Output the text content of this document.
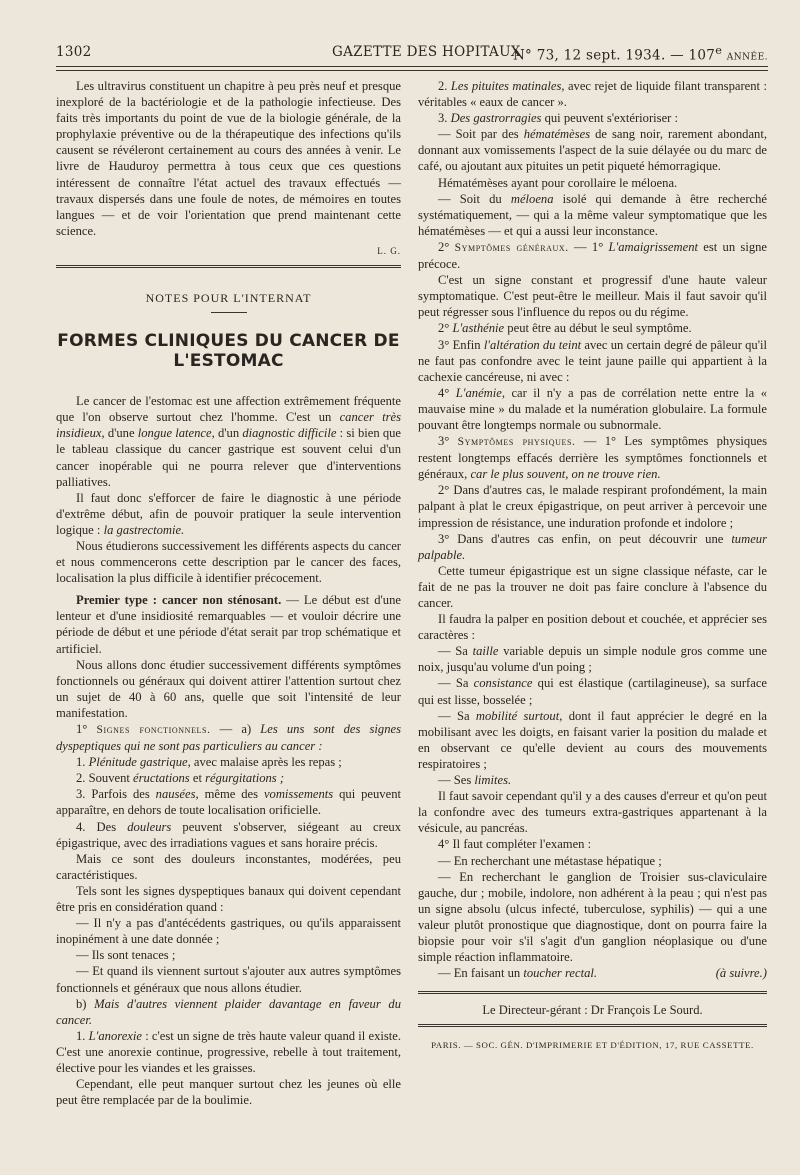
1302	GAZETTE DES HOPITAUX
N° 73, 12 sept. 1934. — 107e ANNÉE.

Les ultravirus constituent un chapitre à peu près neuf et presque inexploré de la bactériologie et de la pathologie infectieuse. Des faits très importants du point de vue de la biologie générale, de la prophylaxie préventive ou de la thérapeutique des infections qu'ils causent se révéleront certainement au cours des années à venir. Le livre de Hauduroy permettra à tous ceux que ces questions intéressent de connaître l'état actuel des travaux effectués — travaux dispersés dans une foule de notes, de mémoires en toutes langues — et de voir l'orientation que prend maintenant cette science.

L. G.

NOTES POUR L'INTERNAT

FORMES CLINIQUES DU CANCER DE L'ESTOMAC

Le cancer de l'estomac est une affection extrêmement fréquente que l'on observe surtout chez l'homme. C'est un cancer très insidieux, d'une longue latence, d'un diagnostic difficile : si bien que le tableau classique du cancer gastrique est souvent celui d'un cancer inopérable qui ne pourra relever que d'interventions palliatives.

Il faut donc s'efforcer de faire le diagnostic à une période d'extrême début, afin de pouvoir pratiquer la seule intervention logique : la gastrectomie.

Nous étudierons successivement les différents aspects du cancer et nous commencerons cette description par le cancer des faces, localisation la plus difficile à identifier précocement.

Premier type : cancer non sténosant. — Le début est d'une lenteur et d'une insidiosité remarquables — et vouloir décrire une période de début et une période d'état serait par trop schématique et artificiel.

Nous allons donc étudier successivement différents symptômes fonctionnels ou généraux qui doivent attirer l'attention surtout chez un sujet de 40 à 60 ans, quelle que soit l'intensité de leur manifestation.

1° Signes fonctionnels. — a) Les uns sont des signes dyspeptiques qui ne sont pas particuliers au cancer :

1. Plénitude gastrique, avec malaise après les repas ;

2. Souvent éructations et régurgitations ;

3. Parfois des nausées, même des vomissements qui peuvent apparaître, en dehors de toute localisation orificielle.

4. Des douleurs peuvent s'observer, siégeant au creux épigastrique, avec des irradiations vagues et sans horaire précis.

Mais ce sont des douleurs inconstantes, modérées, peu caractéristiques.

Tels sont les signes dyspeptiques banaux qui doivent cependant être pris en considération quand :

— Il n'y a pas d'antécédents gastriques, ou qu'ils apparaissent inopinément à une date donnée ;

— Ils sont tenaces ;

— Et quand ils viennent surtout s'ajouter aux autres symptômes fonctionnels et généraux que nous allons étudier.

b) Mais d'autres viennent plaider davantage en faveur du cancer.

1. L'anorexie : c'est un signe de très haute valeur quand il existe. C'est une anorexie continue, progressive, rebelle à tout traitement, élective pour les viandes et les graisses.

Cependant, elle peut manquer surtout chez les jeunes où elle peut être remplacée par de la boulimie.

2. Les pituites matinales, avec rejet de liquide filant transparent : véritables « eaux de cancer ».

3. Des gastrorragies qui peuvent s'extérioriser :

— Soit par des hématémèses de sang noir, rarement abondant, donnant aux vomissements l'aspect de la suie délayée ou du marc de café, ou ajoutant aux pituites un petit piqueté hémorragique.

Hématémèses ayant pour corollaire le méloena.

— Soit du méloena isolé qui demande à être recherché systématiquement, — qui a la même valeur symptomatique que les hématémèses — et qui a aussi leur inconstance.

2° Symptômes généraux. — 1° L'amaigrissement est un signe précoce.

C'est un signe constant et progressif d'une haute valeur symptomatique. C'est peut-être le meilleur. Mais il faut savoir qu'il peut régresser sous l'influence du repos ou du régime.

2° L'asthénie peut être au début le seul symptôme.

3° Enfin l'altération du teint avec un certain degré de pâleur qu'il ne faut pas confondre avec le teint jaune paille qui appartient à la cachexie cancéreuse, ni avec :

4° L'anémie, car il n'y a pas de corrélation nette entre la « mauvaise mine » du malade et la numération globulaire. La formule pouvant être longtemps normale ou subnormale.

3° Symptômes physiques. — 1° Les symptômes physiques restent longtemps effacés derrière les symptômes fonctionnels et généraux, car le plus souvent, on ne trouve rien.

2° Dans d'autres cas, le malade respirant profondément, la main palpant à plat le creux épigastrique, on peut arriver à percevoir une impression de résistance, une induration profonde et indolore ;

3° Dans d'autres cas enfin, on peut découvrir une tumeur palpable.

Cette tumeur épigastrique est un signe classique néfaste, car le fait de ne pas la trouver ne doit pas faire conclure à l'absence du cancer.

Il faudra la palper en position debout et couchée, et apprécier ses caractères :

— Sa taille variable depuis un simple nodule gros comme une noix, jusqu'au volume d'un poing ;

— Sa consistance qui est élastique (cartilagineuse), sa surface qui est lisse, bosselée ;

— Sa mobilité surtout, dont il faut apprécier le degré en la mobilisant avec les doigts, en faisant varier la position du malade et en observant ce qu'elle devient au cours des mouvements respiratoires ;

— Ses limites.

Il faut savoir cependant qu'il y a des causes d'erreur et qu'on peut la confondre avec des tumeurs extra-gastriques appartenant à la vésicule, au pancréas.

4° Il faut compléter l'examen :

— En recherchant une métastase hépatique ;

— En recherchant le ganglion de Troisier sus-claviculaire gauche, dur ; mobile, indolore, non adhérent à la peau ; qui n'est pas un signe absolu (ulcus infecté, tuberculose, syphilis) — qui a une valeur plutôt pronostique que diagnostique, dont on pourra faire la biopsie pour voir s'il s'agit d'un ganglion néoplasique ou d'une simple réaction inflammatoire.

— En faisant un toucher rectal.	(à suivre.)

Le Directeur-gérant : Dr François Le Sourd.

PARIS. — SOC. GÉN. D'IMPRIMERIE ET D'ÉDITION, 17, RUE CASSETTE.
